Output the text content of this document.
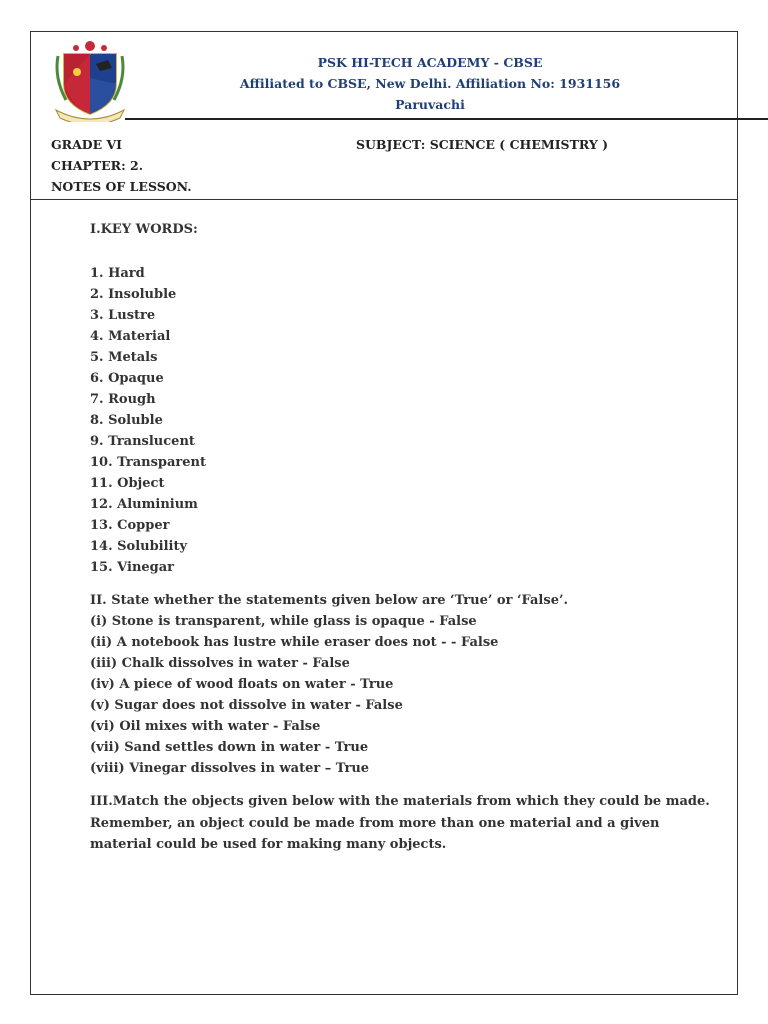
PSK HI-TECH ACADEMY - CBSE
Affiliated to CBSE, New Delhi. Affiliation No: 1931156
Paruvachi
GRADE VI	SUBJECT: SCIENCE ( CHEMISTRY )
CHAPTER: 2.
NOTES OF LESSON.

I.KEY WORDS:

1. Hard

2. Insoluble

3. Lustre

4. Material

5. Metals

6. Opaque

7. Rough

8. Soluble

9. Translucent

10. Transparent

11. Object

12. Aluminium

13. Copper

14. Solubility

15. Vinegar

II. State whether the statements given below are ‘True’ or ‘False’.

(i) Stone is transparent, while glass is opaque - False

(ii) A notebook has lustre while eraser does not - - False

(iii) Chalk dissolves in water - False

(iv) A piece of wood floats on water - True

(v) Sugar does not dissolve in water - False

(vi) Oil mixes with water - False

(vii) Sand settles down in water - True

(viii) Vinegar dissolves in water – True

III.Match the objects given below with the materials from which they could be made.

Remember, an object could be made from more than one material and a given

material could be used for making many objects.
